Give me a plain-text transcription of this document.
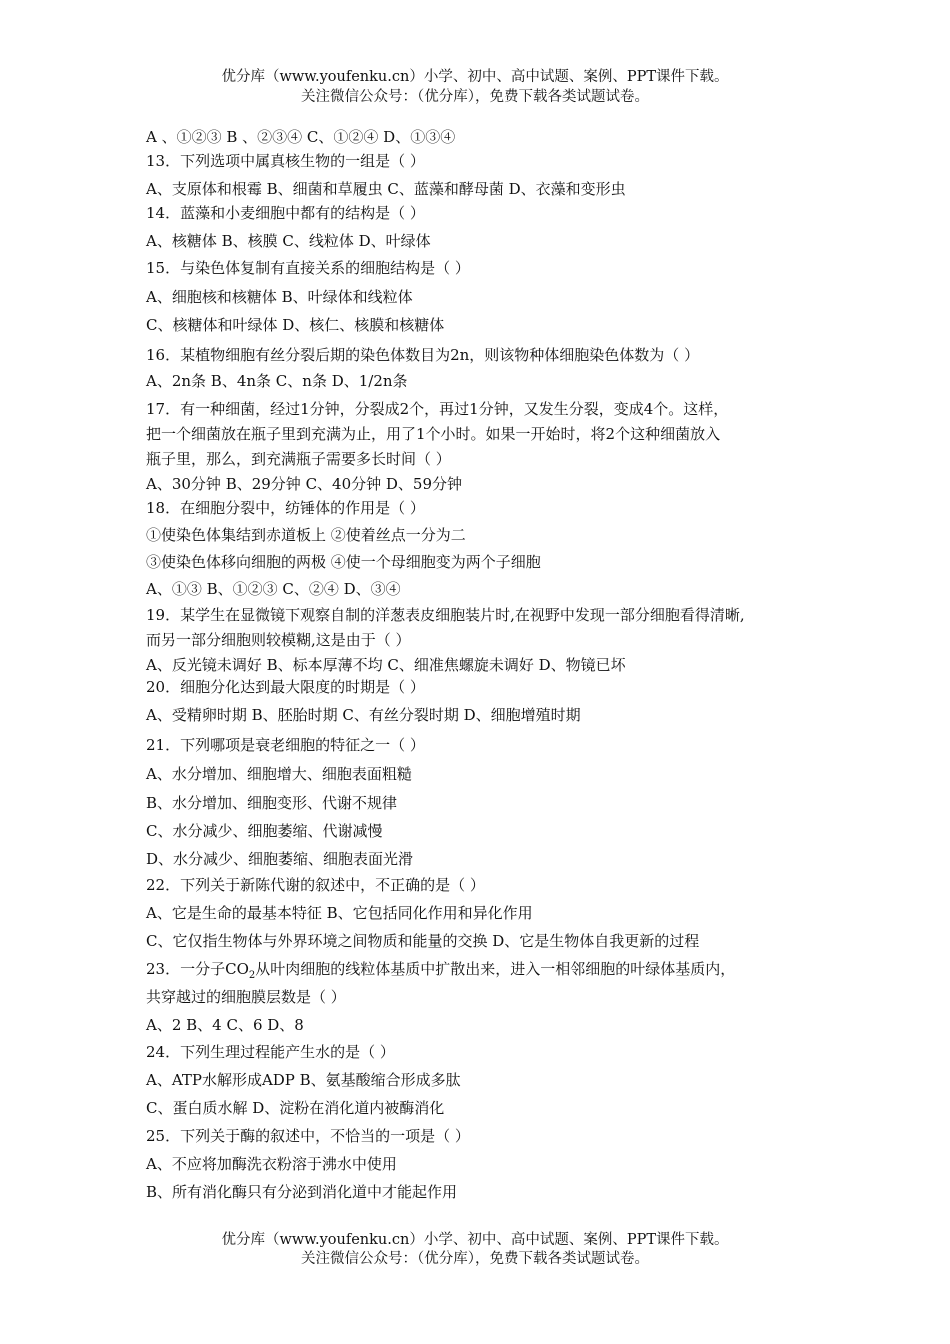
优分库（www.youfenku.cn）小学、初中、高中试题、案例、PPT课件下载。
关注微信公众号：（优分库），免费下载各类试题试卷。
A 、①②③ B 、②③④ C、①②④ D、①③④
13．下列选项中属真核生物的一组是（ ）
A、支原体和根霉 B、细菌和草履虫 C、蓝藻和酵母菌 D、衣藻和变形虫
14．蓝藻和小麦细胞中都有的结构是（ ）
A、核糖体 B、核膜 C、线粒体 D、叶绿体
15．与染色体复制有直接关系的细胞结构是（ ）
A、细胞核和核糖体 B、叶绿体和线粒体
C、核糖体和叶绿体 D、核仁、核膜和核糖体
16．某植物细胞有丝分裂后期的染色体数目为2n，则该物种体细胞染色体数为（ ）
A、2n条 B、4n条 C、n条 D、1/2n条
17．有一种细菌，经过1分钟，分裂成2个，再过1分钟，又发生分裂，变成4个。这样，
把一个细菌放在瓶子里到充满为止，用了1个小时。如果一开始时，将2个这种细菌放入
瓶子里，那么，到充满瓶子需要多长时间（ ）
A、30分钟 B、29分钟 C、40分钟 D、59分钟
18．在细胞分裂中，纺锤体的作用是（ ）
①使染色体集结到赤道板上 ②使着丝点一分为二
③使染色体移向细胞的两极 ④使一个母细胞变为两个子细胞
A、①③ B、①②③ C、②④ D、③④
19．某学生在显微镜下观察自制的洋葱表皮细胞装片时,在视野中发现一部分细胞看得清晰,
而另一部分细胞则较模糊,这是由于（ ）
A、反光镜未调好 B、标本厚薄不均 C、细准焦螺旋未调好 D、物镜已坏
20．细胞分化达到最大限度的时期是（ ）
A、受精卵时期 B、胚胎时期 C、有丝分裂时期 D、细胞增殖时期
21．下列哪项是衰老细胞的特征之一（ ）
A、水分增加、细胞增大、细胞表面粗糙
B、水分增加、细胞变形、代谢不规律
C、水分减少、细胞萎缩、代谢减慢
D、水分减少、细胞萎缩、细胞表面光滑
22．下列关于新陈代谢的叙述中，不正确的是（ ）
A、它是生命的最基本特征 B、它包括同化作用和异化作用
C、它仅指生物体与外界环境之间物质和能量的交换 D、它是生物体自我更新的过程
23．一分子$CO_2$从叶肉细胞的线粒体基质中扩散出来，进入一相邻细胞的叶绿体基质内，
共穿越过的细胞膜层数是（ ）
A、2 B、4 C、6 D、8
24．下列生理过程能产生水的是（ ）
A、ATP水解形成ADP B、氨基酸缩合形成多肽
C、蛋白质水解 D、淀粉在消化道内被酶消化
25．下列关于酶的叙述中，不恰当的一项是（ ）
A、不应将加酶洗衣粉溶于沸水中使用
B、所有消化酶只有分泌到消化道中才能起作用
优分库（www.youfenku.cn）小学、初中、高中试题、案例、PPT课件下载。
关注微信公众号：（优分库），免费下载各类试题试卷。
